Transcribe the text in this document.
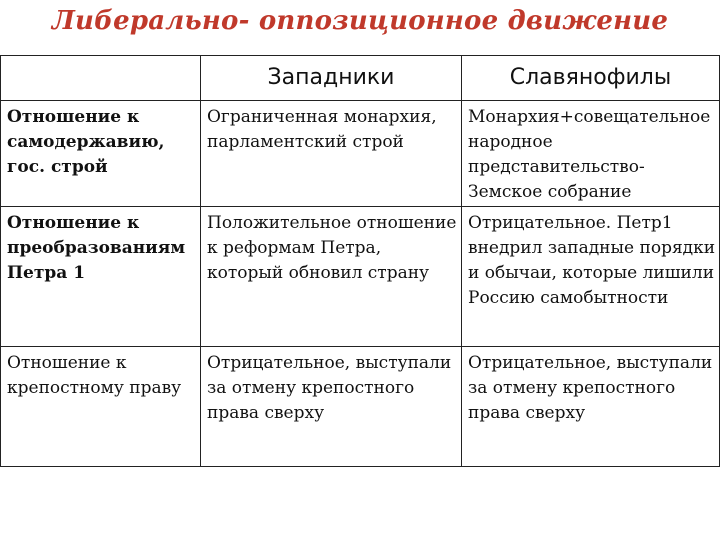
Либерально- оппозиционное движение
	Западники	Славянофилы
Отношение к самодержавию, гос. строй	Ограниченная монархия, парламентский строй	Монархия+совещательное народное представительство- Земское собрание
Отношение к преобразованиям Петра 1	Положительное отношение к реформам Петра, который обновил страну	Отрицательное. Петр1 внедрил западные порядки и обычаи, которые лишили Россию самобытности
Отношение к крепостному праву	Отрицательное, выступали за отмену крепостного права сверху	Отрицательное, выступали за отмену крепостного права сверху
